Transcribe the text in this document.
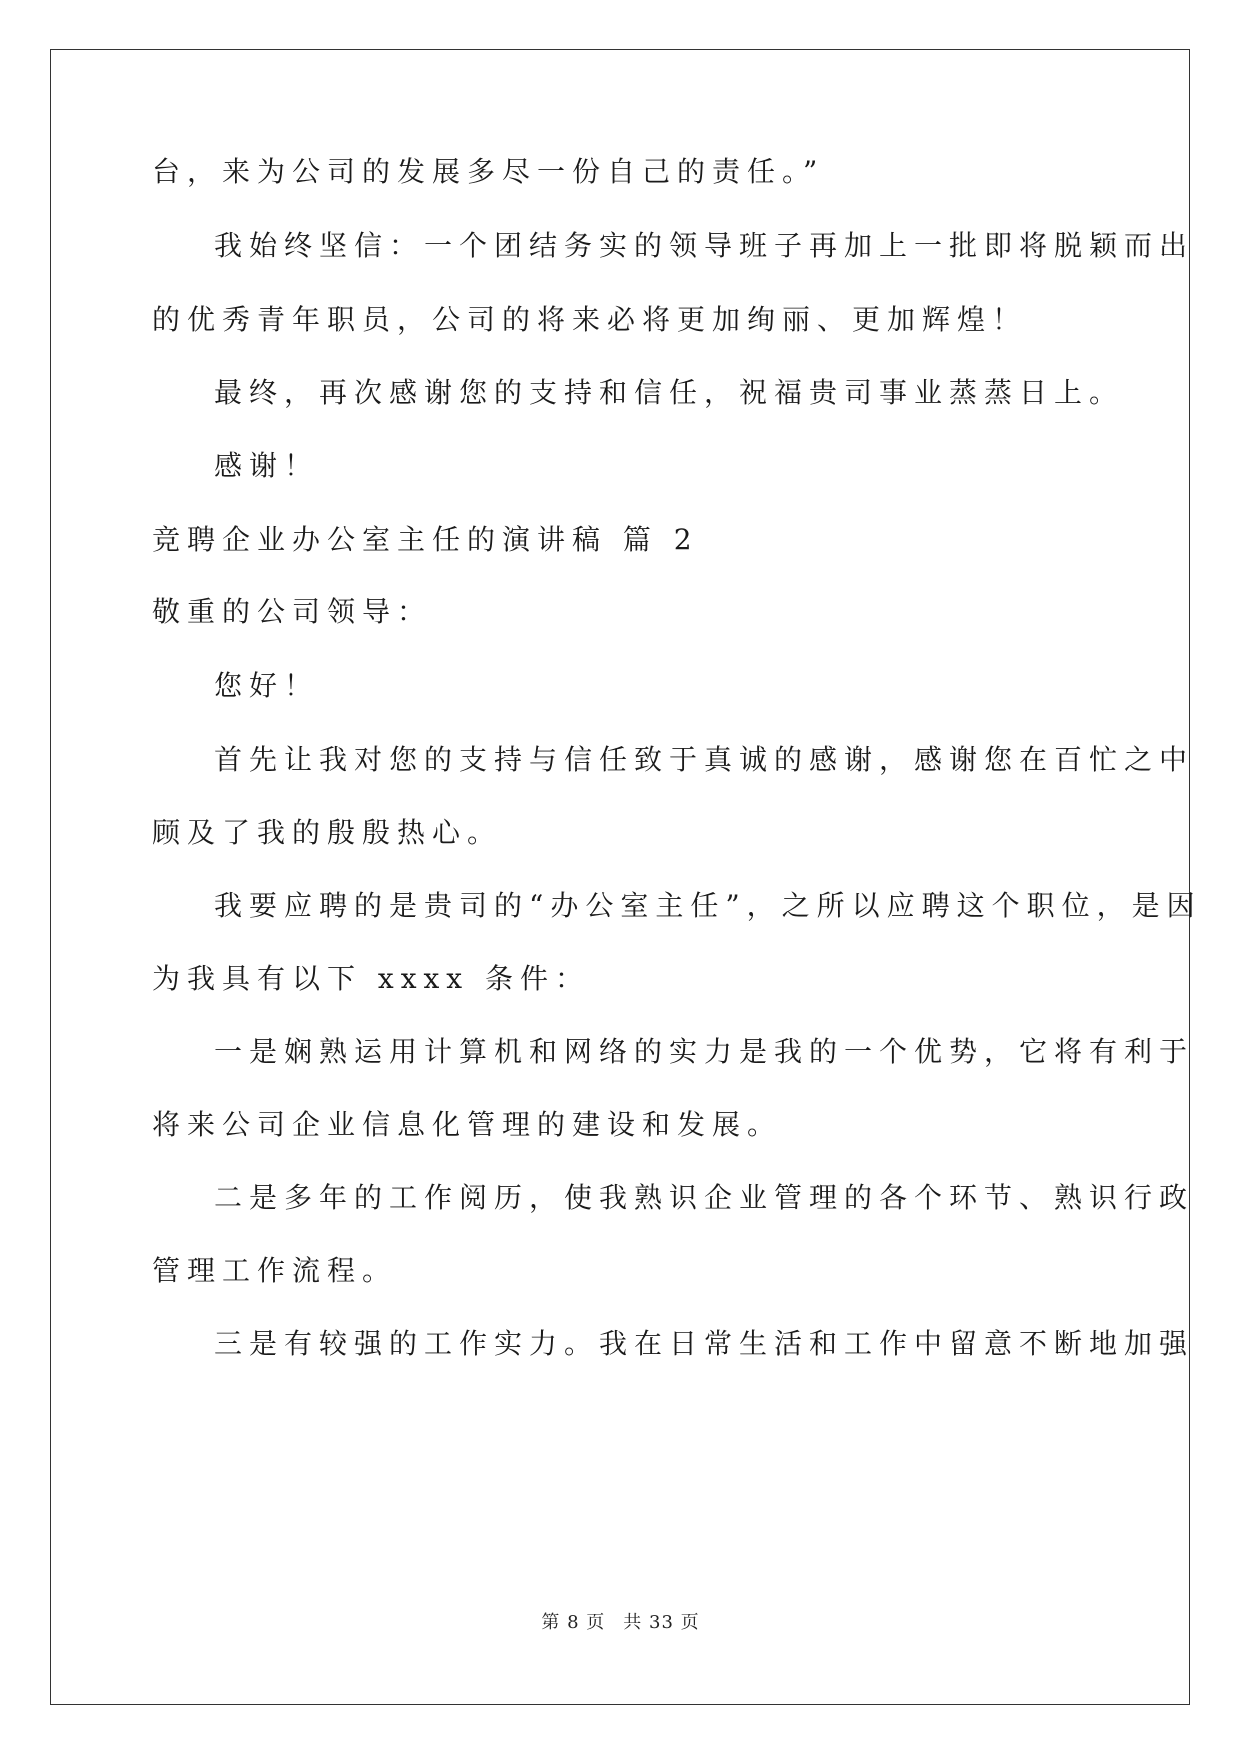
台，来为公司的发展多尽一份自己的责任。”
我始终坚信：一个团结务实的领导班子再加上一批即将脱颖而出
的优秀青年职员，公司的将来必将更加绚丽、更加辉煌！
最终，再次感谢您的支持和信任，祝福贵司事业蒸蒸日上。
感谢！
竞聘企业办公室主任的演讲稿 篇 2
敬重的公司领导：
您好！
首先让我对您的支持与信任致于真诚的感谢，感谢您在百忙之中
顾及了我的殷殷热心。
我要应聘的是贵司的“办公室主任”，之所以应聘这个职位，是因
为我具有以下 xxxx 条件：
一是娴熟运用计算机和网络的实力是我的一个优势，它将有利于
将来公司企业信息化管理的建设和发展。
二是多年的工作阅历，使我熟识企业管理的各个环节、熟识行政
管理工作流程。
三是有较强的工作实力。我在日常生活和工作中留意不断地加强
第 8 页 共 33 页
